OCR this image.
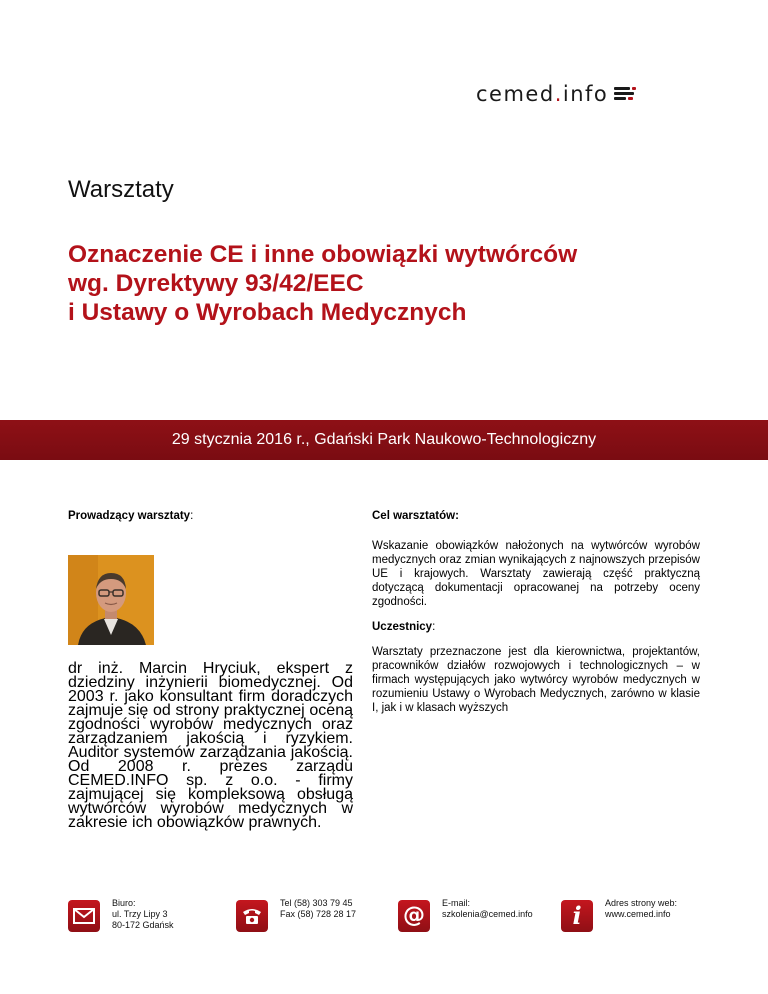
cemed.info
Warsztaty
Oznaczenie CE i inne obowiązki wytwórców
wg. Dyrektywy 93/42/EEC
i Ustawy o Wyrobach Medycznych
29 stycznia 2016 r., Gdański Park Naukowo-Technologiczny
Prowadzący warsztaty:

dr inż. Marcin Hryciuk, ekspert z dziedziny inżynierii biomedycznej. Od 2003 r. jako konsultant firm doradczych zajmuje się od strony praktycznej oceną zgodności wyrobów medycznych oraz zarządzaniem jakością i ryzykiem. Auditor systemów zarządzania jakością. Od 2008 r. prezes zarządu CEMED.INFO sp. z o.o. - firmy zajmującej się kompleksową obsługą wytwórców wyrobów medycznych w zakresie ich obowiązków prawnych.

Cel warsztatów:

Wskazanie obowiązków nałożonych na wytwórców wyrobów medycznych oraz zmian wynikających z najnowszych przepisów UE i krajowych. Warsztaty zawierają część praktyczną dotyczącą dokumentacji opracowanej na potrzeby oceny zgodności.

Uczestnicy:

Warsztaty przeznaczone jest dla kierownictwa, projektantów, pracowników działów rozwojowych i technologicznych – w firmach występujących jako wytwórcy wyrobów medycznych w rozumieniu Ustawy o Wyrobach Medycznych, zarówno w klasie I, jak i w klasach wyższych

Biuro:
ul. Trzy Lipy 3
80-172 Gdańsk
Tel (58) 303 79 45
Fax (58) 728 28 17 @ E-mail:
szkolenia@cemed.info i	Adres strony web:
www.cemed.info
